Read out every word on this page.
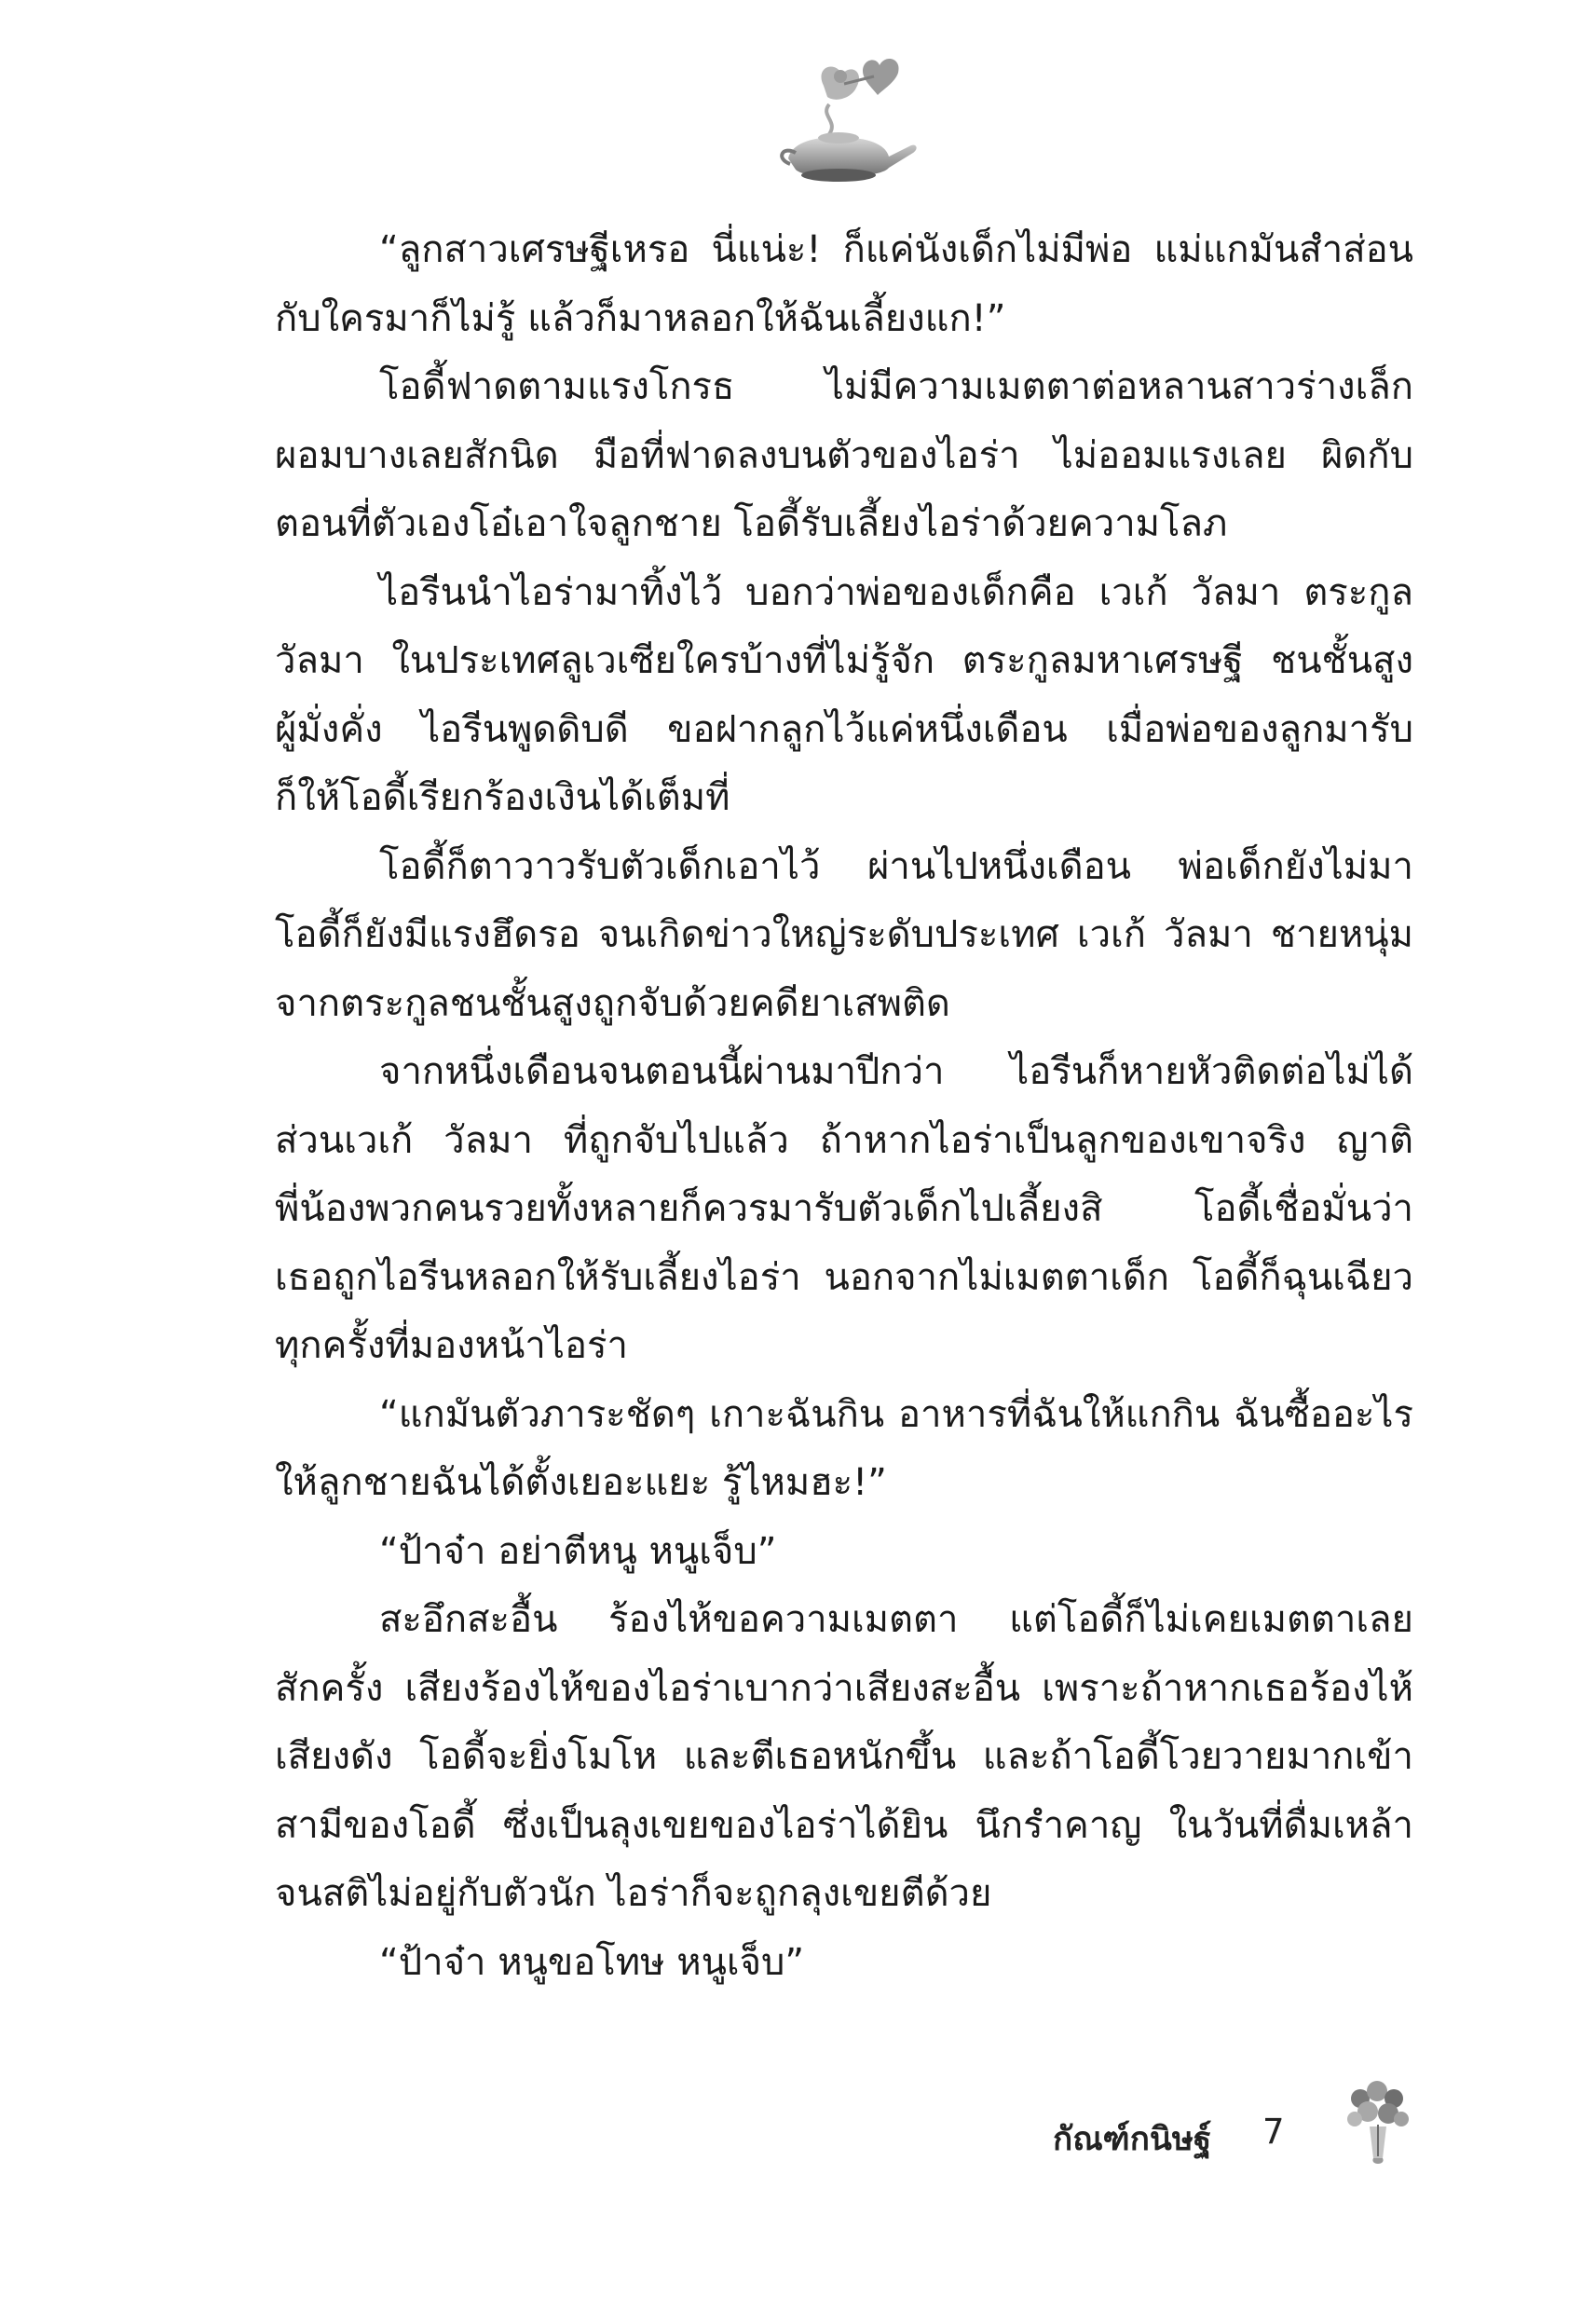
“ลูกสาวเศรษฐีเหรอ นี่แน่ะ! ก็แค่นังเด็กไม่มีพ่อ แม่แกมันสำส่อน
กับใครมาก็ไม่รู้ แล้วก็มาหลอกให้ฉันเลี้ยงแก!”
โอดี้ฟาดตามแรงโกรธ ไม่มีความเมตตาต่อหลานสาวร่างเล็ก
ผอมบางเลยสักนิด มือที่ฟาดลงบนตัวของไอร่า ไม่ออมแรงเลย ผิดกับ
ตอนที่ตัวเองโอ๋เอาใจลูกชาย โอดี้รับเลี้ยงไอร่าด้วยความโลภ
ไอรีนนำไอร่ามาทิ้งไว้ บอกว่าพ่อของเด็กคือ เวเก้ วัลมา ตระกูล
วัลมา ในประเทศลูเวเซียใครบ้างที่ไม่รู้จัก ตระกูลมหาเศรษฐี ชนชั้นสูง
ผู้มั่งคั่ง ไอรีนพูดดิบดี ขอฝากลูกไว้แค่หนึ่งเดือน เมื่อพ่อของลูกมารับ
ก็ให้โอดี้เรียกร้องเงินได้เต็มที่
โอดี้ก็ตาวาวรับตัวเด็กเอาไว้ ผ่านไปหนึ่งเดือน พ่อเด็กยังไม่มา
โอดี้ก็ยังมีแรงฮึดรอ จนเกิดข่าวใหญ่ระดับประเทศ เวเก้ วัลมา ชายหนุ่ม
จากตระกูลชนชั้นสูงถูกจับด้วยคดียาเสพติด
จากหนึ่งเดือนจนตอนนี้ผ่านมาปีกว่า ไอรีนก็หายหัวติดต่อไม่ได้
ส่วนเวเก้ วัลมา ที่ถูกจับไปแล้ว ถ้าหากไอร่าเป็นลูกของเขาจริง ญาติ
พี่น้องพวกคนรวยทั้งหลายก็ควรมารับตัวเด็กไปเลี้ยงสิ โอดี้เชื่อมั่นว่า
เธอถูกไอรีนหลอกให้รับเลี้ยงไอร่า นอกจากไม่เมตตาเด็ก โอดี้ก็ฉุนเฉียว
ทุกครั้งที่มองหน้าไอร่า
“แกมันตัวภาระชัดๆ เกาะฉันกิน อาหารที่ฉันให้แกกิน ฉันซื้ออะไร
ให้ลูกชายฉันได้ตั้งเยอะแยะ รู้ไหมฮะ!”
“ป้าจ๋า อย่าตีหนู หนูเจ็บ”
สะอึกสะอื้น ร้องไห้ขอความเมตตา แต่โอดี้ก็ไม่เคยเมตตาเลย
สักครั้ง เสียงร้องไห้ของไอร่าเบากว่าเสียงสะอื้น เพราะถ้าหากเธอร้องไห้
เสียงดัง โอดี้จะยิ่งโมโห และตีเธอหนักขึ้น และถ้าโอดี้โวยวายมากเข้า
สามีของโอดี้ ซึ่งเป็นลุงเขยของไอร่าได้ยิน นึกรำคาญ ในวันที่ดื่มเหล้า
จนสติไม่อยู่กับตัวนัก ไอร่าก็จะถูกลุงเขยตีด้วย
“ป้าจ๋า หนูขอโทษ หนูเจ็บ”
กัณฑ์กนิษฐ์ 7
